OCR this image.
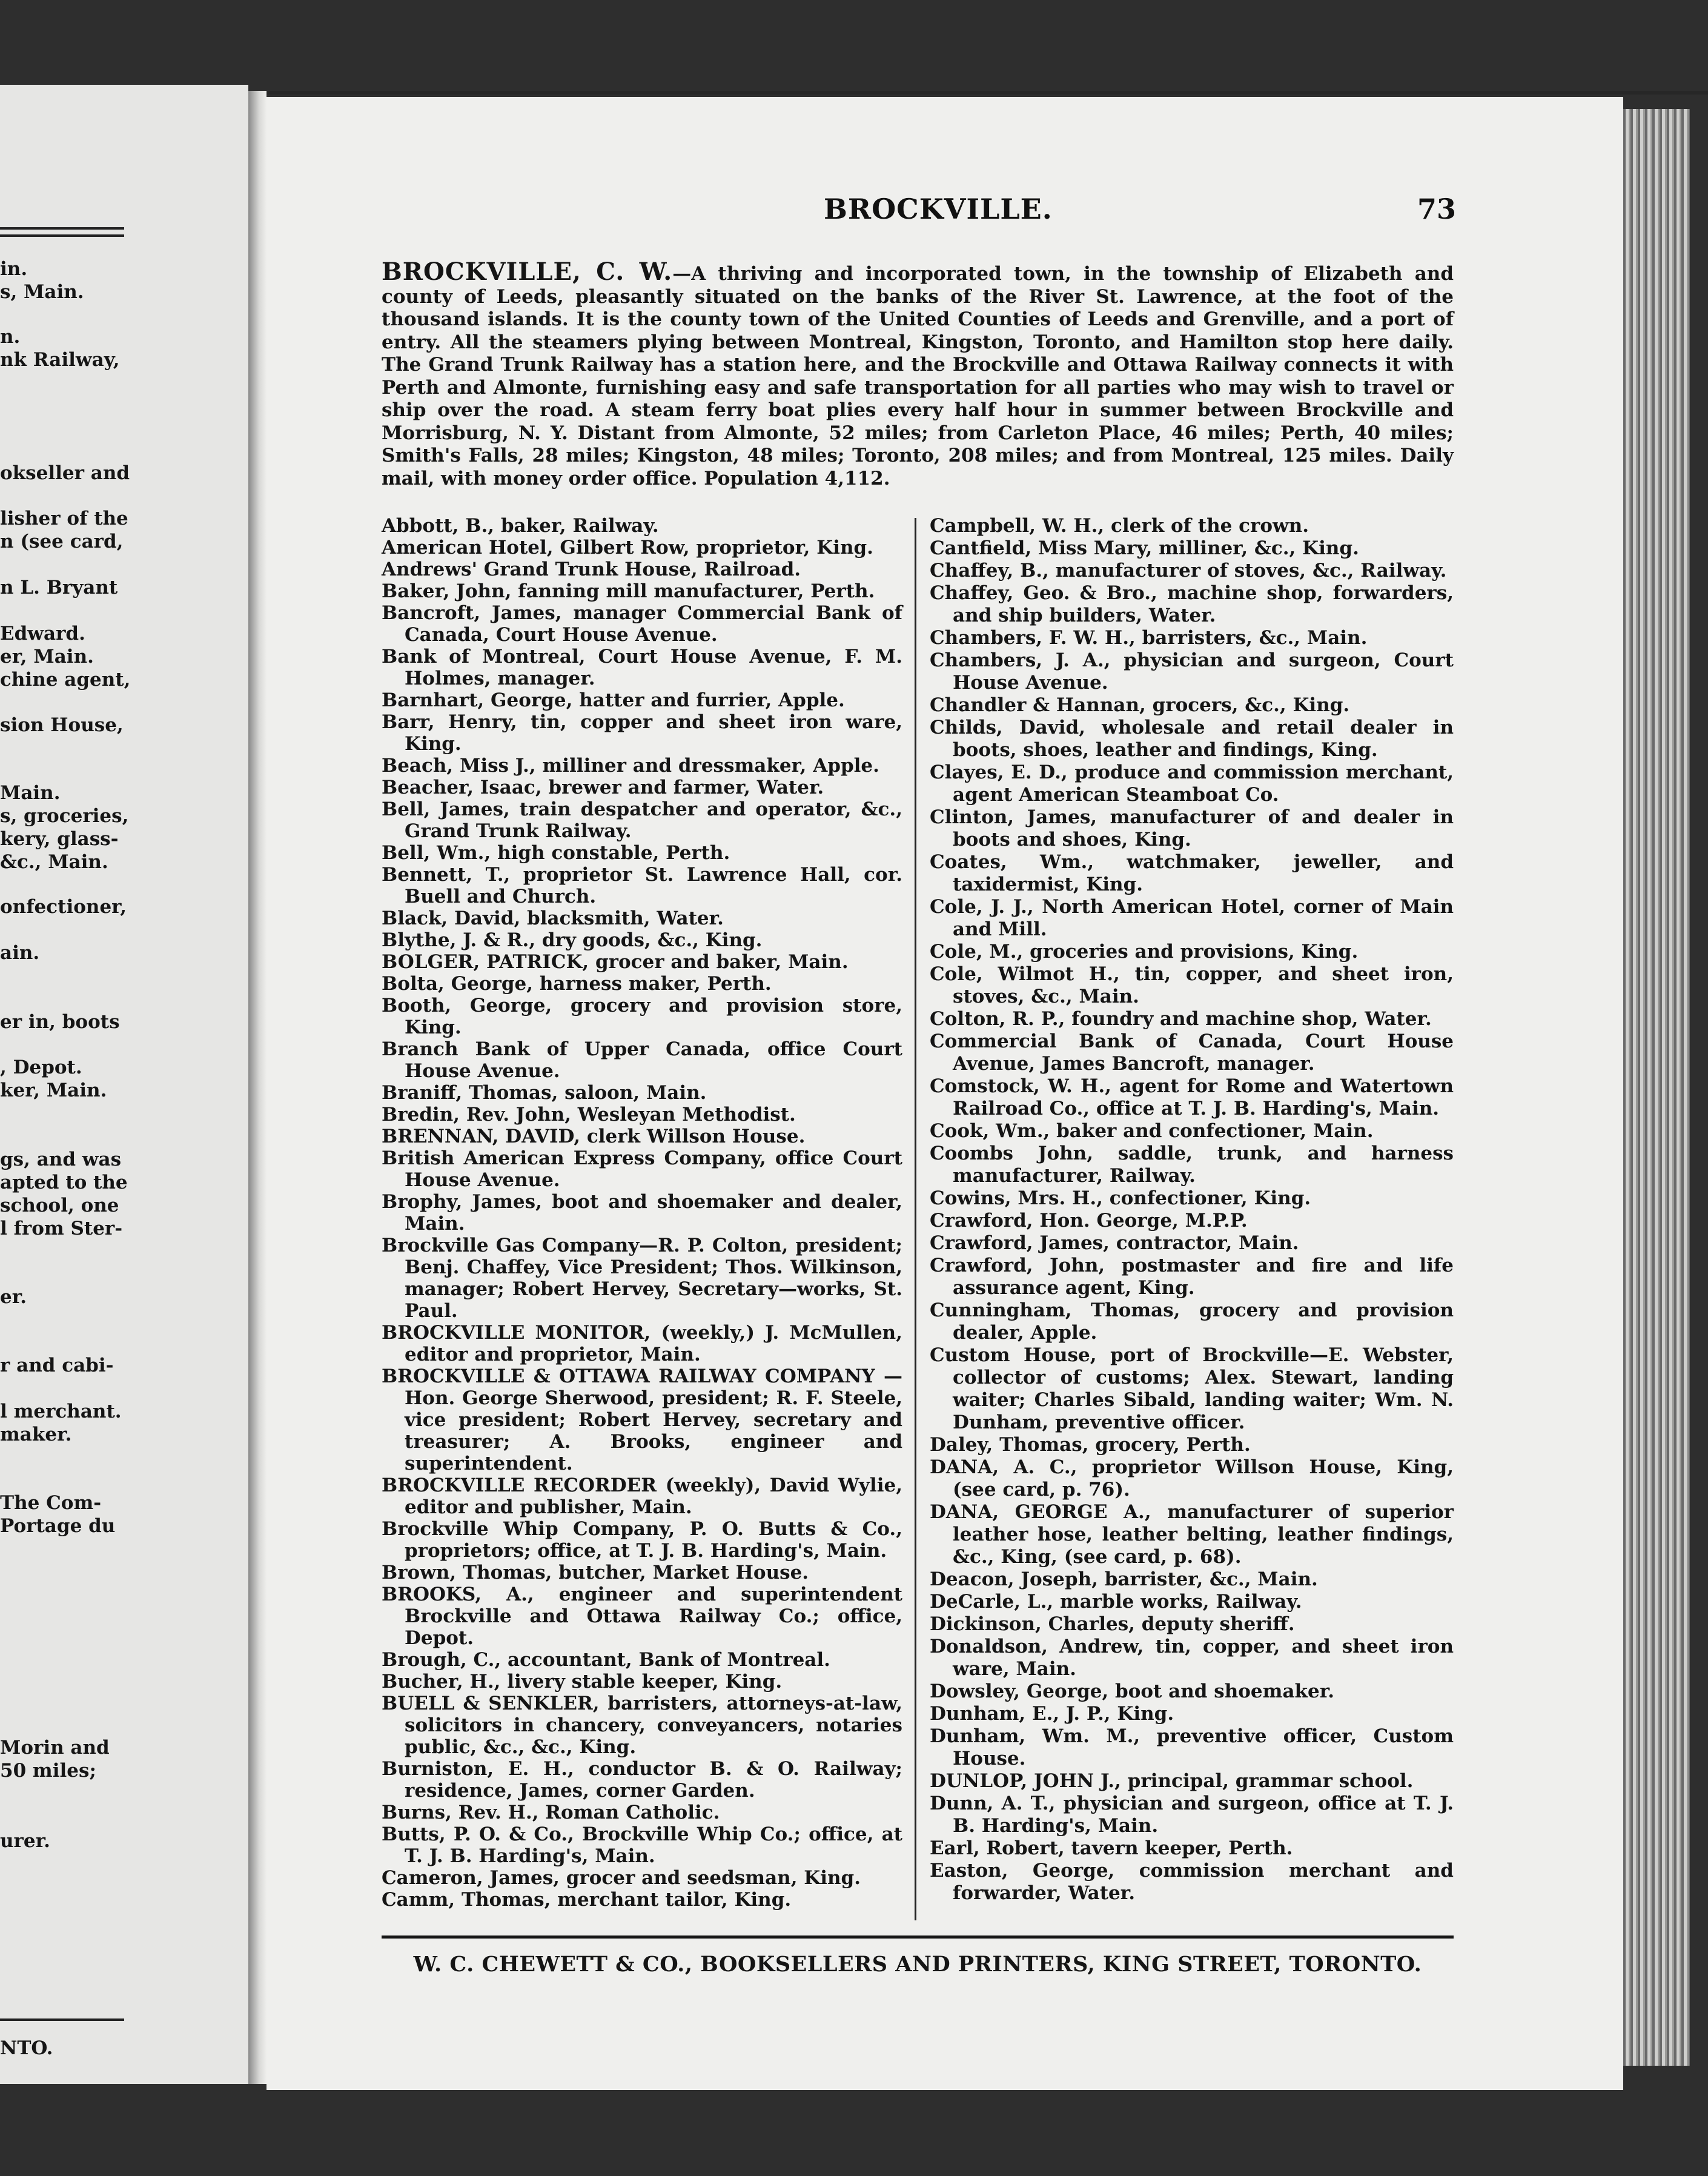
in.
s, Main.
n.
nk Railway,
okseller and
lisher of the
n (see card,
n L. Bryant
Edward.
er, Main.
chine agent,
sion House,
Main.
s, groceries,
kery, glass-
&c., Main.
onfectioner,
ain.
er in, boots
, Depot.
ker, Main.
gs, and was
apted to the
school, one
l from Ster-
er.
r and cabi-
l merchant.
maker.
The Com-
Portage du
Morin and
50 miles;
urer.
NTO.
BROCKVILLE.	73
BROCKVILLE, C. W.—A thriving and incorporated town, in the township of Elizabeth and county of Leeds, pleasantly situated on the banks of the River St. Lawrence, at the foot of the thousand islands. It is the county town of the United Counties of Leeds and Grenville, and a port of entry. All the steamers plying between Montreal, Kingston, Toronto, and Hamilton stop here daily. The Grand Trunk Railway has a station here, and the Brockville and Ottawa Railway connects it with Perth and Almonte, furnishing easy and safe transportation for all parties who may wish to travel or ship over the road. A steam ferry boat plies every half hour in summer between Brockville and Morrisburg, N. Y. Distant from Almonte, 52 miles; from Carleton Place, 46 miles; Perth, 40 miles; Smith's Falls, 28 miles; Kingston, 48 miles; Toronto, 208 miles; and from Montreal, 125 miles. Daily mail, with money order office. Population 4,112.
Abbott, B., baker, Railway.
American Hotel, Gilbert Row, proprietor, King.
Andrews' Grand Trunk House, Railroad.
Baker, John, fanning mill manufacturer, Perth.
Bancroft, James, manager Commercial Bank of Canada, Court House Avenue.
Bank of Montreal, Court House Avenue, F. M. Holmes, manager.
Barnhart, George, hatter and furrier, Apple.
Barr, Henry, tin, copper and sheet iron ware, King.
Beach, Miss J., milliner and dressmaker, Apple.
Beacher, Isaac, brewer and farmer, Water.
Bell, James, train despatcher and operator, &c., Grand Trunk Railway.
Bell, Wm., high constable, Perth.
Bennett, T., proprietor St. Lawrence Hall, cor. Buell and Church.
Black, David, blacksmith, Water.
Blythe, J. & R., dry goods, &c., King.
BOLGER, PATRICK, grocer and baker, Main.
Bolta, George, harness maker, Perth.
Booth, George, grocery and provision store, King.
Branch Bank of Upper Canada, office Court House Avenue.
Braniff, Thomas, saloon, Main.
Bredin, Rev. John, Wesleyan Methodist.
BRENNAN, DAVID, clerk Willson House.
British American Express Company, office Court House Avenue.
Brophy, James, boot and shoemaker and dealer, Main.
Brockville Gas Company—R. P. Colton, president; Benj. Chaffey, Vice President; Thos. Wilkinson, manager; Robert Hervey, Secretary—works, St. Paul.
BROCKVILLE MONITOR, (weekly,) J. McMullen, editor and proprietor, Main.
BROCKVILLE & OTTAWA RAILWAY COMPANY —Hon. George Sherwood, president; R. F. Steele, vice president; Robert Hervey, secretary and treasurer; A. Brooks, engineer and superintendent.
BROCKVILLE RECORDER (weekly), David Wylie, editor and publisher, Main.
Brockville Whip Company, P. O. Butts & Co., proprietors; office, at T. J. B. Harding's, Main.
Brown, Thomas, butcher, Market House.
BROOKS, A., engineer and superintendent Brockville and Ottawa Railway Co.; office, Depot.
Brough, C., accountant, Bank of Montreal.
Bucher, H., livery stable keeper, King.
BUELL & SENKLER, barristers, attorneys-at-law, solicitors in chancery, conveyancers, notaries public, &c., &c., King.
Burniston, E. H., conductor B. & O. Railway; residence, James, corner Garden.
Burns, Rev. H., Roman Catholic.
Butts, P. O. & Co., Brockville Whip Co.; office, at T. J. B. Harding's, Main.
Cameron, James, grocer and seedsman, King.
Camm, Thomas, merchant tailor, King.
Campbell, W. H., clerk of the crown.
Cantfield, Miss Mary, milliner, &c., King.
Chaffey, B., manufacturer of stoves, &c., Railway.
Chaffey, Geo. & Bro., machine shop, forwarders, and ship builders, Water.
Chambers, F. W. H., barristers, &c., Main.
Chambers, J. A., physician and surgeon, Court House Avenue.
Chandler & Hannan, grocers, &c., King.
Childs, David, wholesale and retail dealer in boots, shoes, leather and findings, King.
Clayes, E. D., produce and commission merchant, agent American Steamboat Co.
Clinton, James, manufacturer of and dealer in boots and shoes, King.
Coates, Wm., watchmaker, jeweller, and taxidermist, King.
Cole, J. J., North American Hotel, corner of Main and Mill.
Cole, M., groceries and provisions, King.
Cole, Wilmot H., tin, copper, and sheet iron, stoves, &c., Main.
Colton, R. P., foundry and machine shop, Water.
Commercial Bank of Canada, Court House Avenue, James Bancroft, manager.
Comstock, W. H., agent for Rome and Watertown Railroad Co., office at T. J. B. Harding's, Main.
Cook, Wm., baker and confectioner, Main.
Coombs John, saddle, trunk, and harness manufacturer, Railway.
Cowins, Mrs. H., confectioner, King.
Crawford, Hon. George, M.P.P.
Crawford, James, contractor, Main.
Crawford, John, postmaster and fire and life assurance agent, King.
Cunningham, Thomas, grocery and provision dealer, Apple.
Custom House, port of Brockville—E. Webster, collector of customs; Alex. Stewart, landing waiter; Charles Sibald, landing waiter; Wm. N. Dunham, preventive officer.
Daley, Thomas, grocery, Perth.
DANA, A. C., proprietor Willson House, King, (see card, p. 76).
DANA, GEORGE A., manufacturer of superior leather hose, leather belting, leather findings, &c., King, (see card, p. 68).
Deacon, Joseph, barrister, &c., Main.
DeCarle, L., marble works, Railway.
Dickinson, Charles, deputy sheriff.
Donaldson, Andrew, tin, copper, and sheet iron ware, Main.
Dowsley, George, boot and shoemaker.
Dunham, E., J. P., King.
Dunham, Wm. M., preventive officer, Custom House.
DUNLOP, JOHN J., principal, grammar school.
Dunn, A. T., physician and surgeon, office at T. J. B. Harding's, Main.
Earl, Robert, tavern keeper, Perth.
Easton, George, commission merchant and forwarder, Water.
W. C. CHEWETT & CO., BOOKSELLERS AND PRINTERS, KING STREET, TORONTO.
